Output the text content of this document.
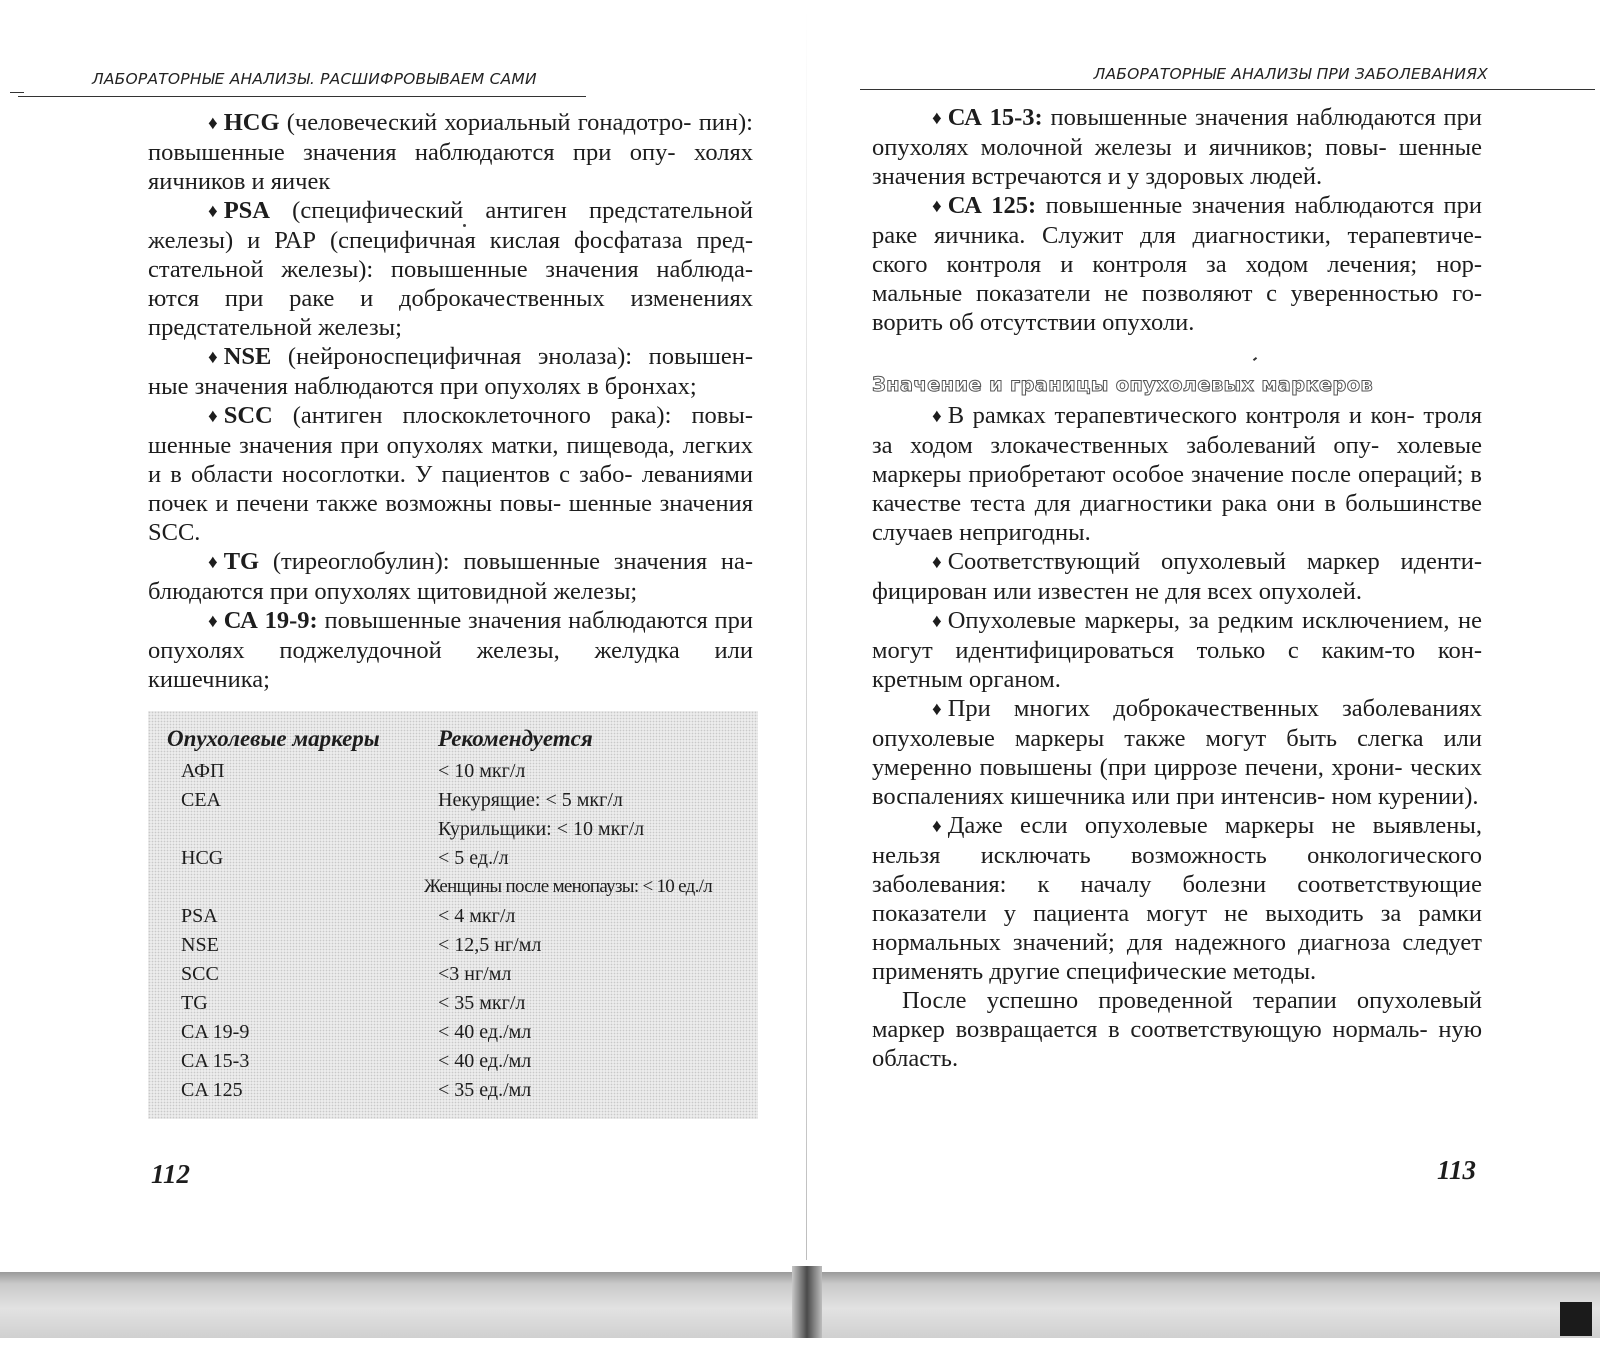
ЛАБОРАТОРНЫЕ АНАЛИЗЫ. РАСШИФРОВЫВАЕМ САМИ

♦ HCG (человеческий хориальный гонадотро- пин): повышенные значения наблюдаются при опу- холях яичников и яичек

♦ PSA (специфический антиген предстательной железы) и РАР (специфичная кислая фосфатаза пред- стательной железы): повышенные значения наблюда- ются при раке и доброкачественных изменениях предстательной железы;

♦ NSE (нейроноспецифичная энолаза): повышен- ные значения наблюдаются при опухолях в бронхах;

♦ SCC (антиген плоскоклеточного рака): повы- шенные значения при опухолях матки, пищевода, легких и в области носоглотки. У пациентов с забо- леваниями почек и печени также возможны повы- шенные значения SCC.

♦ TG (тиреоглобулин): повышенные значения на- блюдаются при опухолях щитовидной железы;

♦ СА 19-9: повышенные значения наблюдаются при опухолях поджелудочной железы, желудка или кишечника;

Опухолевые маркеры	Рекомендуется
АФП	< 10 мкг/л
CEA	Некурящие: < 5 мкг/л
Курильщики: < 10 мкг/л
HCG	< 5 ед./л
Женщины после менопаузы: < 10 ед./л
PSA	< 4 мкг/л
NSE	< 12,5 нг/мл
SCC	<3 нг/мл
TG	< 35 мкг/л
CA 19-9	< 40 ед./мл
CA 15-3	< 40 ед./мл
CA 125	< 35 ед./мл
112
ЛАБОРАТОРНЫЕ АНАЛИЗЫ ПРИ ЗАБОЛЕВАНИЯХ

♦ СА 15-3: повышенные значения наблюдаются при опухолях молочной железы и яичников; повы- шенные значения встречаются и у здоровых людей.

♦ СА 125: повышенные значения наблюдаются при раке яичника. Служит для диагностики, терапевтиче- ского контроля и контроля за ходом лечения; нор- мальные показатели не позволяют с уверенностью го- ворить об отсутствии опухоли.

Значение и границы опухолевых маркеров

♦ В рамках терапевтического контроля и кон- троля за ходом злокачественных заболеваний опу- холевые маркеры приобретают особое значение после операций; в качестве теста для диагностики рака они в большинстве случаев непригодны.

♦ Соответствующий опухолевый маркер иденти- фицирован или известен не для всех опухолей.

♦ Опухолевые маркеры, за редким исключением, не могут идентифицироваться только с каким-то кон- кретным органом.

♦ При многих доброкачественных заболеваниях опухолевые маркеры также могут быть слегка или умеренно повышены (при циррозе печени, хрони- ческих воспалениях кишечника или при интенсив- ном курении).

♦ Даже если опухолевые маркеры не выявлены, нельзя исключать возможность онкологического заболевания: к началу болезни соответствующие показатели у пациента могут не выходить за рамки нормальных значений; для надежного диагноза следует применять другие специфические методы.

После успешно проведенной терапии опухолевый маркер возвращается в соответствующую нормаль- ную область.

113
